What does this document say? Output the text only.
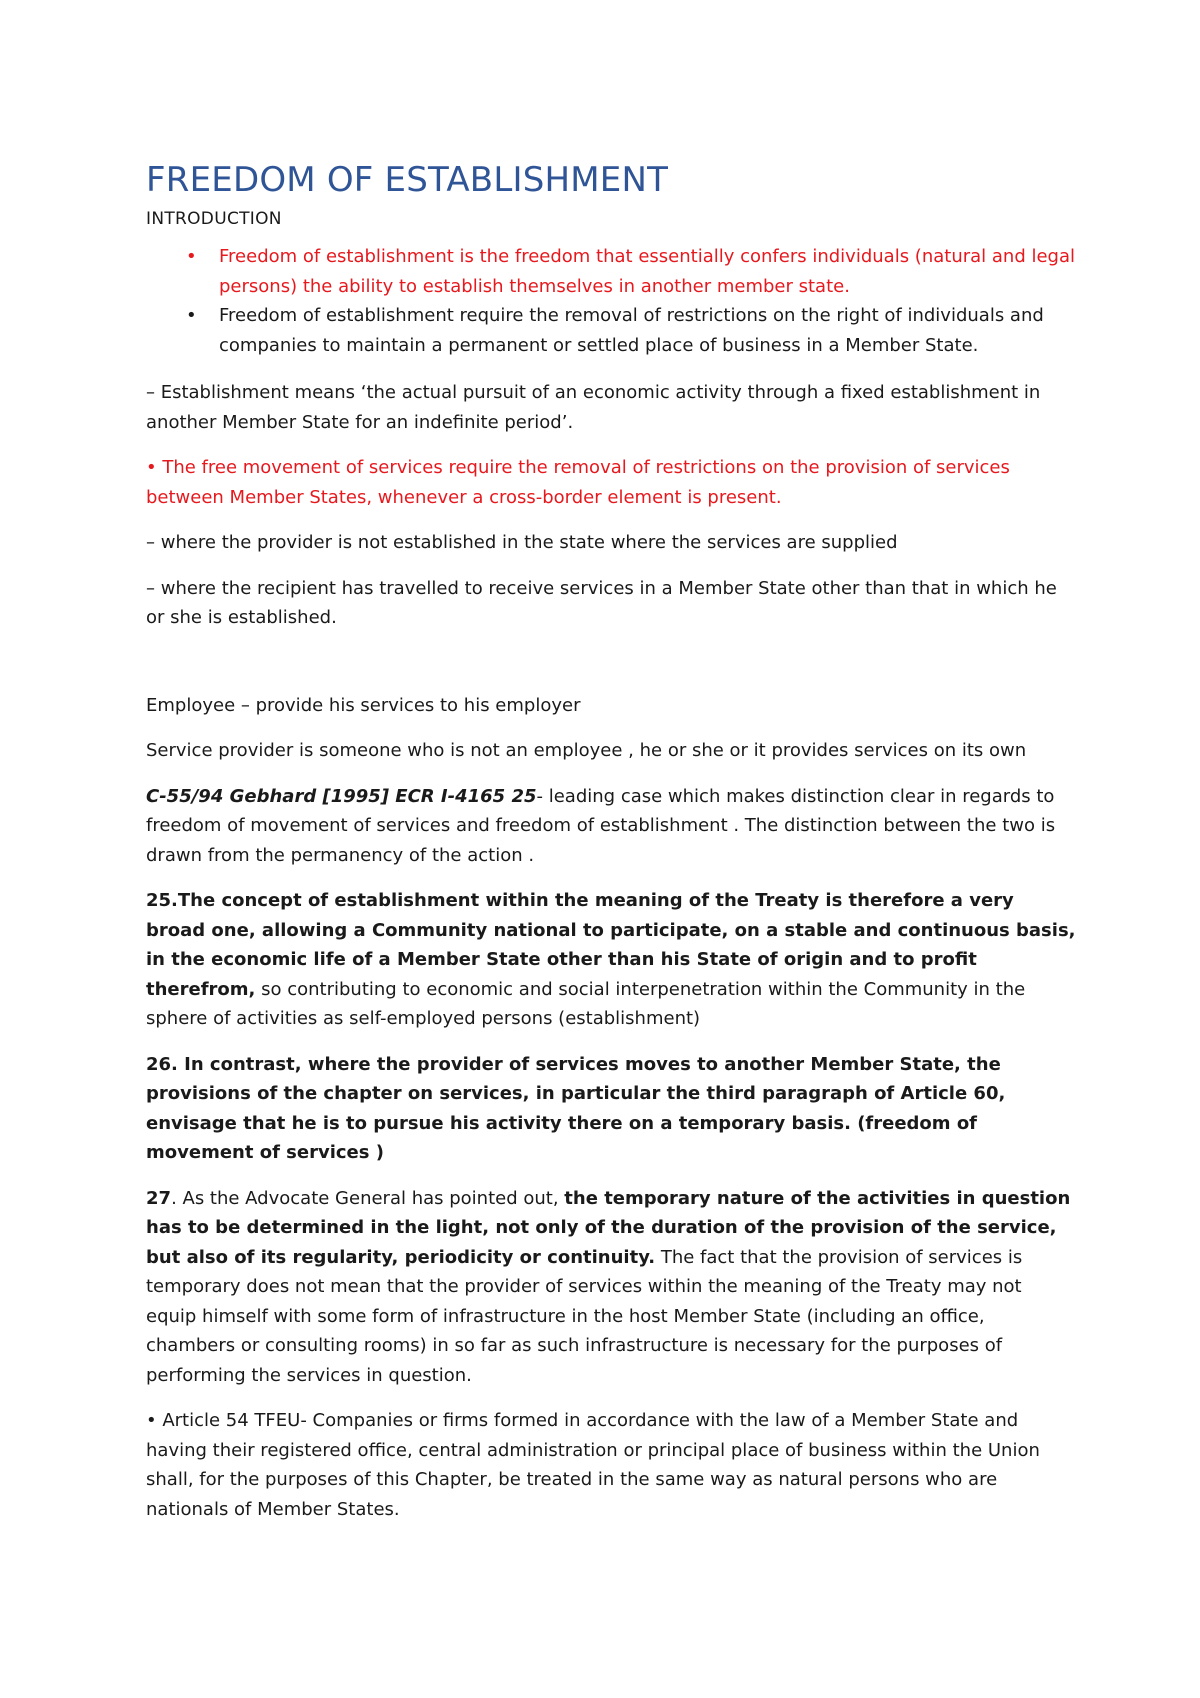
FREEDOM OF ESTABLISHMENT
INTRODUCTION
• Freedom of establishment is the freedom that essentially confers individuals (natural and legal persons) the ability to establish themselves in another member state.
• Freedom of establishment require the removal of restrictions on the right of individuals and companies to maintain a permanent or settled place of business in a Member State.

– Establishment means ‘the actual pursuit of an economic activity through a fixed establishment in another Member State for an indefinite period’.

• The free movement of services require the removal of restrictions on the provision of services between Member States, whenever a cross-border element is present.

– where the provider is not established in the state where the services are supplied

– where the recipient has travelled to receive services in a Member State other than that in which he or she is established.

Employee – provide his services to his employer

Service provider is someone who is not an employee , he or she or it provides services on its own

C-55/94 Gebhard [1995] ECR I-4165 25- leading case which makes distinction clear in regards to freedom of movement of services and freedom of establishment . The distinction between the two is drawn from the permanency of the action .

25.The concept of establishment within the meaning of the Treaty is therefore a very broad one, allowing a Community national to participate, on a stable and continuous basis, in the economic life of a Member State other than his State of origin and to profit therefrom, so contributing to economic and social interpenetration within the Community in the sphere of activities as self-employed persons (establishment)

26. In contrast, where the provider of services moves to another Member State, the provisions of the chapter on services, in particular the third paragraph of Article 60, envisage that he is to pursue his activity there on a temporary basis. (freedom of movement of services )

27. As the Advocate General has pointed out, the temporary nature of the activities in question has to be determined in the light, not only of the duration of the provision of the service, but also of its regularity, periodicity or continuity. The fact that the provision of services is temporary does not mean that the provider of services within the meaning of the Treaty may not equip himself with some form of infrastructure in the host Member State (including an office, chambers or consulting rooms) in so far as such infrastructure is necessary for the purposes of performing the services in question.

• Article 54 TFEU- Companies or firms formed in accordance with the law of a Member State and having their registered office, central administration or principal place of business within the Union shall, for the purposes of this Chapter, be treated in the same way as natural persons who are nationals of Member States.
